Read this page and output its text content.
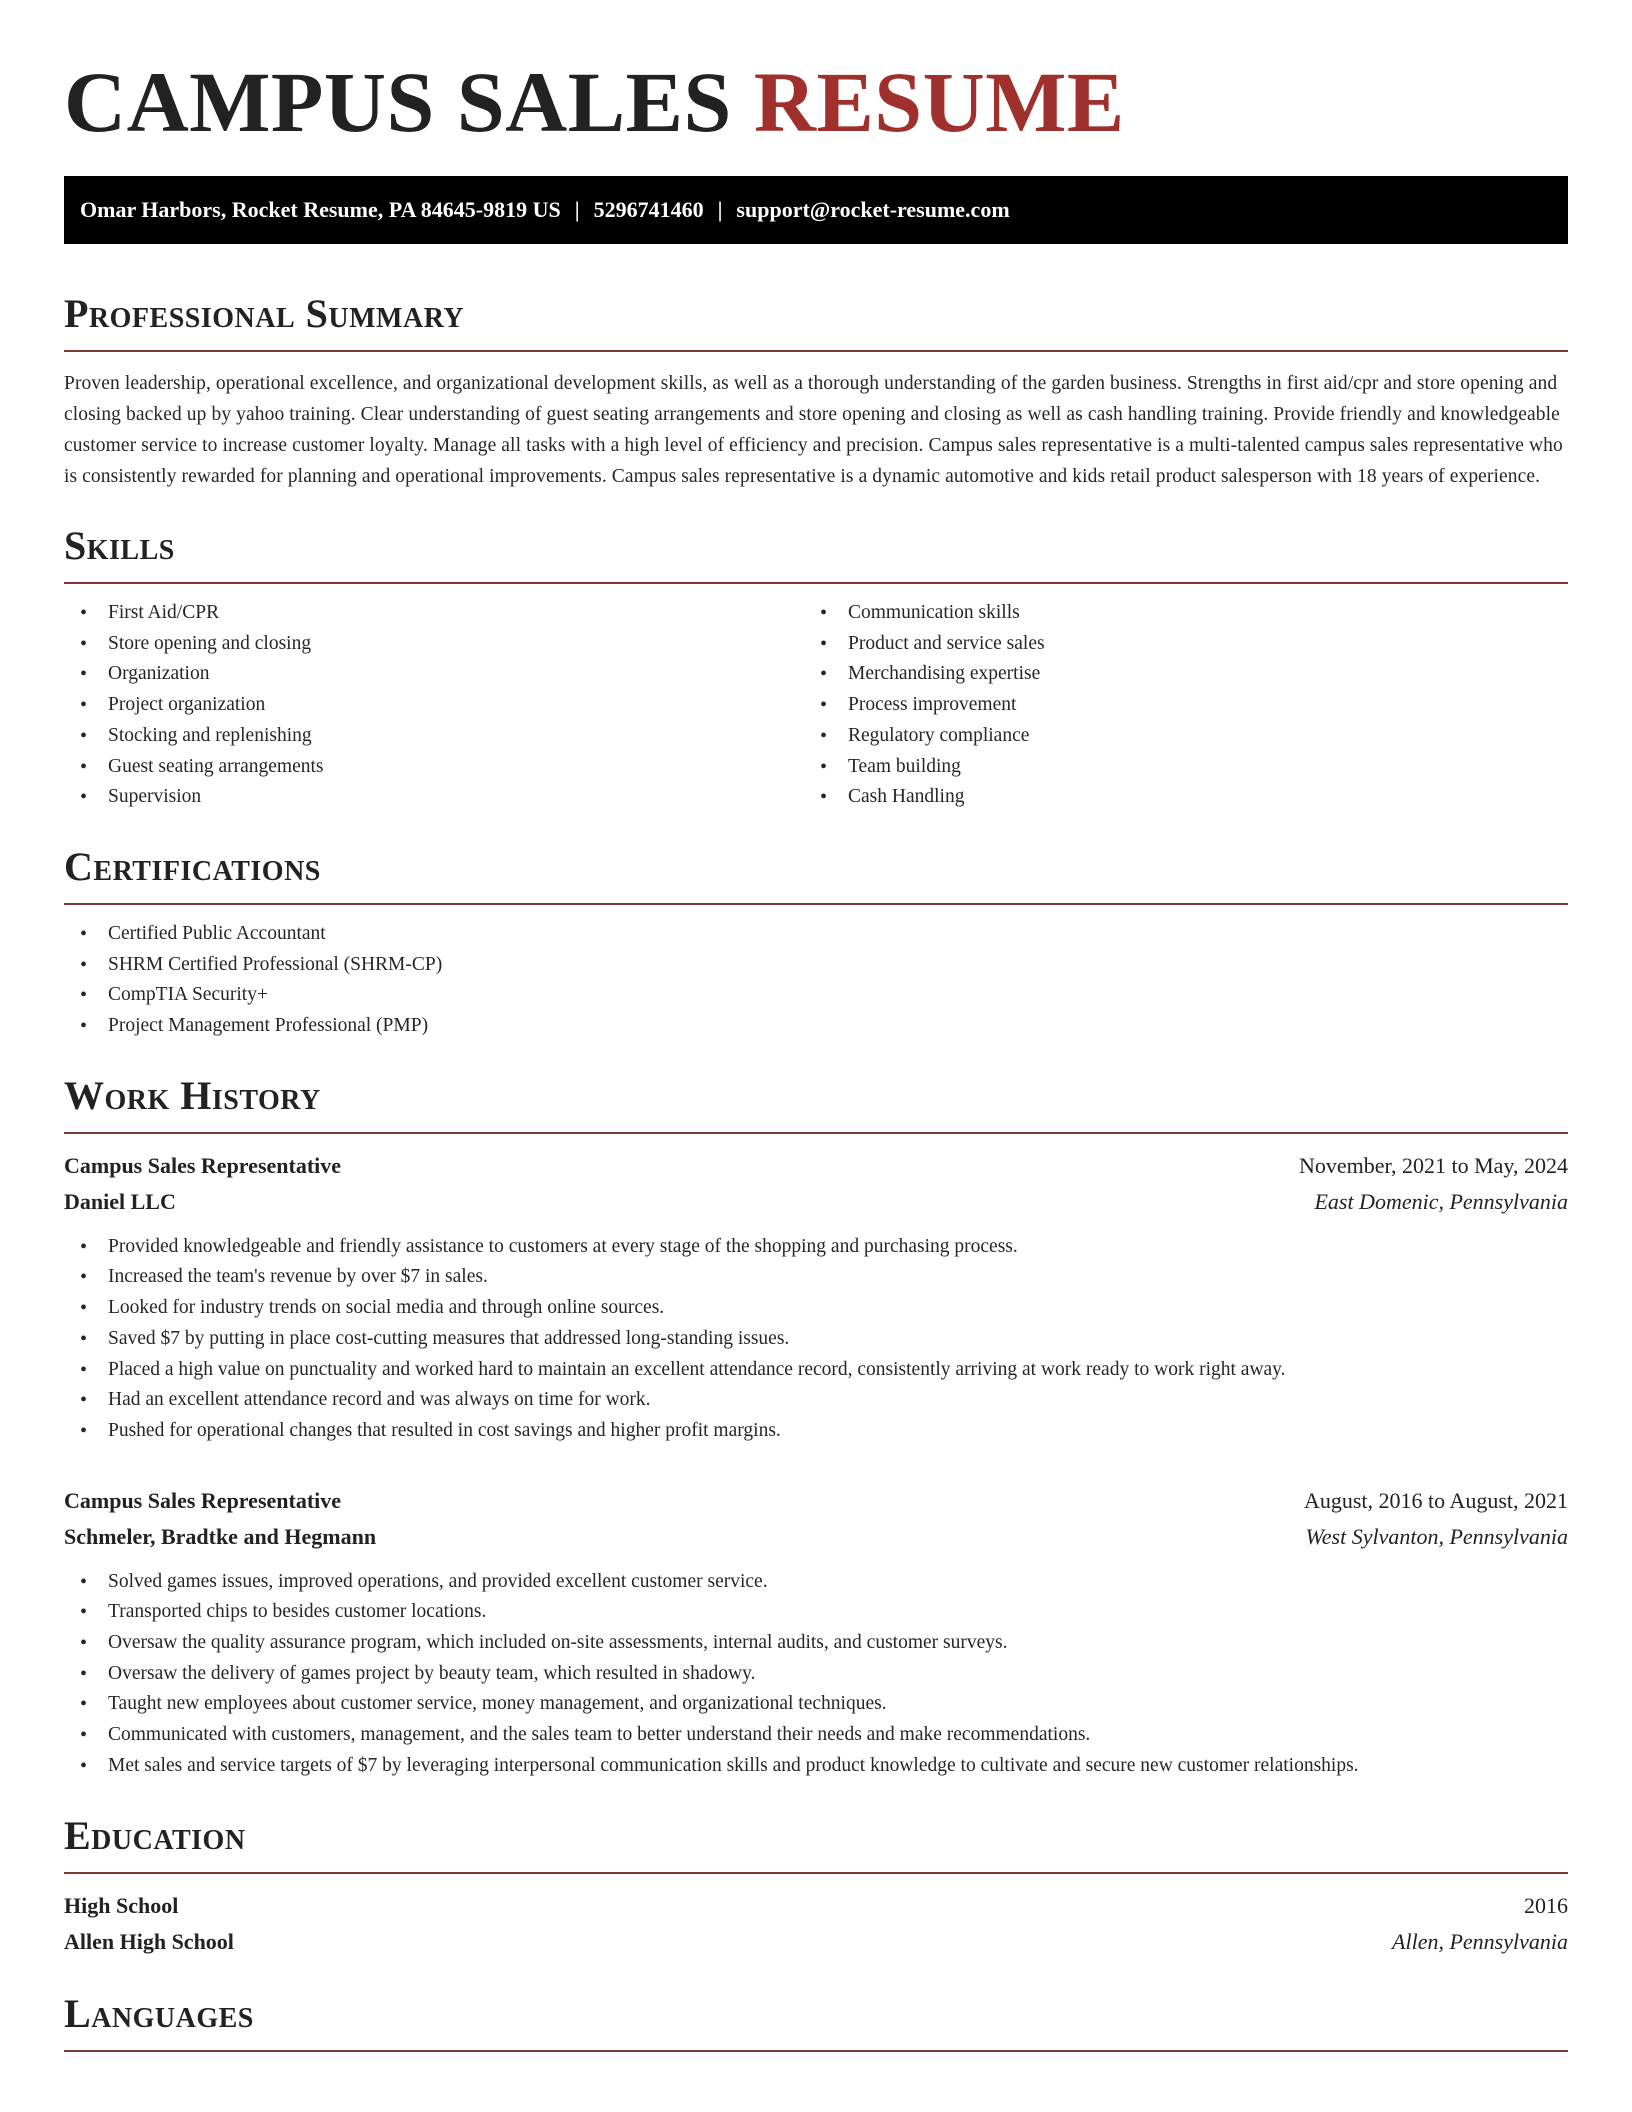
CAMPUS SALES RESUME
Omar Harbors, Rocket Resume, PA 84645-9819 US | 5296741460 | support@rocket-resume.com
Professional Summary

Proven leadership, operational excellence, and organizational development skills, as well as a thorough understanding of the garden business. Strengths in first aid/cpr and store opening and closing backed up by yahoo training. Clear understanding of guest seating arrangements and store opening and closing as well as cash handling training. Provide friendly and knowledgeable customer service to increase customer loyalty. Manage all tasks with a high level of efficiency and precision. Campus sales representative is a multi-talented campus sales representative who is consistently rewarded for planning and operational improvements. Campus sales representative is a dynamic automotive and kids retail product salesperson with 18 years of experience.

Skills
• First Aid/CPR
• Store opening and closing
• Organization
• Project organization
• Stocking and replenishing
• Guest seating arrangements
• Supervision
• Communication skills
• Product and service sales
• Merchandising expertise
• Process improvement
• Regulatory compliance
• Team building
• Cash Handling
Certifications
• Certified Public Accountant
• SHRM Certified Professional (SHRM-CP)
• CompTIA Security+
• Project Management Professional (PMP)
Work History
Campus Sales Representative	November, 2021 to May, 2024
Daniel LLC	East Domenic, Pennsylvania
• Provided knowledgeable and friendly assistance to customers at every stage of the shopping and purchasing process.
• Increased the team's revenue by over $7 in sales.
• Looked for industry trends on social media and through online sources.
• Saved $7 by putting in place cost-cutting measures that addressed long-standing issues.
• Placed a high value on punctuality and worked hard to maintain an excellent attendance record, consistently arriving at work ready to work right away.
• Had an excellent attendance record and was always on time for work.
• Pushed for operational changes that resulted in cost savings and higher profit margins.
Campus Sales Representative	August, 2016 to August, 2021
Schmeler, Bradtke and Hegmann	West Sylvanton, Pennsylvania
• Solved games issues, improved operations, and provided excellent customer service.
• Transported chips to besides customer locations.
• Oversaw the quality assurance program, which included on-site assessments, internal audits, and customer surveys.
• Oversaw the delivery of games project by beauty team, which resulted in shadowy.
• Taught new employees about customer service, money management, and organizational techniques.
• Communicated with customers, management, and the sales team to better understand their needs and make recommendations.
• Met sales and service targets of $7 by leveraging interpersonal communication skills and product knowledge to cultivate and secure new customer relationships.
Education
High School	2016
Allen High School	Allen, Pennsylvania
Languages
